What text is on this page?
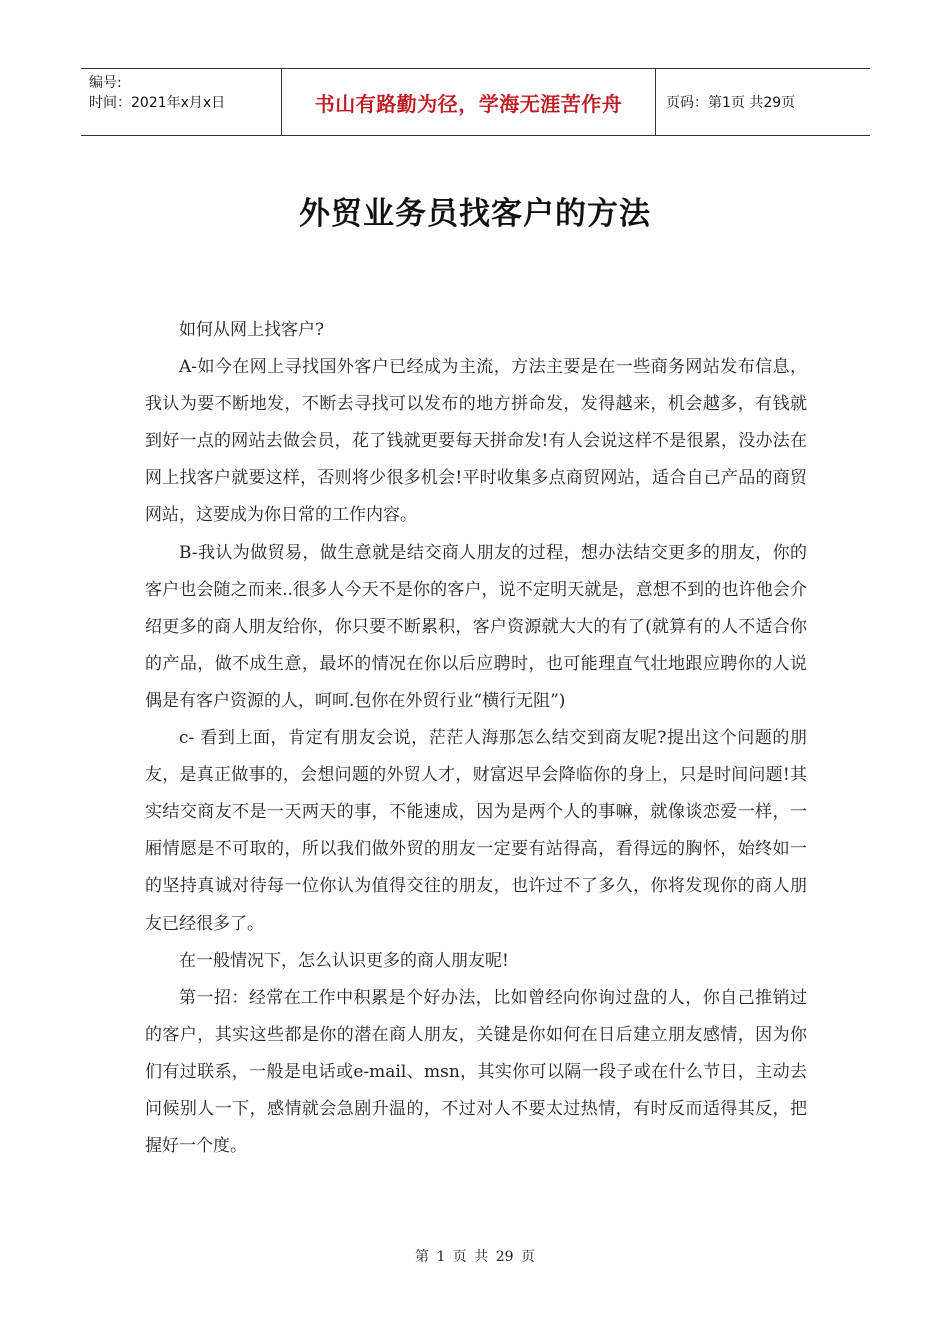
编号:
时间：2021年x月x日	书山有路勤为径，学海无涯苦作舟	页码：第1页 共29页
外贸业务员找客户的方法

如何从网上找客户?

A-如今在网上寻找国外客户已经成为主流，方法主要是在一些商务网站发布信息，我认为要不断地发，不断去寻找可以发布的地方拼命发，发得越来，机会越多，有钱就到好一点的网站去做会员，花了钱就更要每天拼命发!有人会说这样不是很累，没办法在网上找客户就要这样，否则将少很多机会!平时收集多点商贸网站，适合自己产品的商贸网站，这要成为你日常的工作内容。

B-我认为做贸易，做生意就是结交商人朋友的过程，想办法结交更多的朋友，你的客户也会随之而来..很多人今天不是你的客户，说不定明天就是，意想不到的也许他会介绍更多的商人朋友给你，你只要不断累积，客户资源就大大的有了(就算有的人不适合你的产品，做不成生意，最坏的情况在你以后应聘时，也可能理直气壮地跟应聘你的人说偶是有客户资源的人，呵呵.包你在外贸行业“横行无阻”)

c- 看到上面，肯定有朋友会说，茫茫人海那怎么结交到商友呢?提出这个问题的朋友，是真正做事的，会想问题的外贸人才，财富迟早会降临你的身上，只是时间问题!其实结交商友不是一天两天的事，不能速成，因为是两个人的事嘛，就像谈恋爱一样，一厢情愿是不可取的，所以我们做外贸的朋友一定要有站得高，看得远的胸怀，始终如一的坚持真诚对待每一位你认为值得交往的朋友，也许过不了多久，你将发现你的商人朋友已经很多了。

在一般情况下，怎么认识更多的商人朋友呢!

第一招：经常在工作中积累是个好办法，比如曾经向你询过盘的人，你自己推销过的客户，其实这些都是你的潜在商人朋友，关键是你如何在日后建立朋友感情，因为你们有过联系，一般是电话或e-mail、msn，其实你可以隔一段子或在什么节日，主动去问候别人一下，感情就会急剧升温的，不过对人不要太过热情，有时反而适得其反，把握好一个度。

第 1 页 共 29 页
